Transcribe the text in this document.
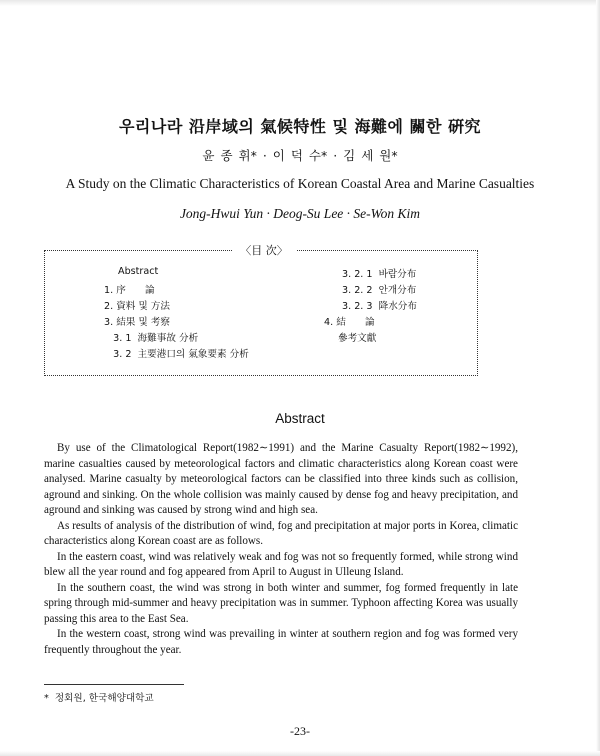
우리나라 沿岸域의 氣候特性 및 海難에 關한 硏究
윤 종 휘* · 이 덕 수* · 김 세 원*
A Study on the Climatic Characteristics of Korean Coastal Area and Marine Casualties
Jong-Hwui Yun · Deog-Su Lee · Se-Won Kim
〈目 次〉
Abstract
1. 序　　論
2. 資料 및 方法
3. 結果 및 考察
3. 1  海難事故 分析
3. 2  主要港口의 氣象要素 分析
3. 2. 1  바람分布
3. 2. 2  안개分布
3. 2. 3  降水分布
4. 結　　論
參考文獻
Abstract

By use of the Climatological Report(1982∼1991) and the Marine Casualty Report(1982∼1992), marine casualties caused by meteorological factors and climatic characteristics along Korean coast were analysed. Marine casualty by meteorological factors can be classified into three kinds such as collision, aground and sinking. On the whole collision was mainly caused by dense fog and heavy precipitation, and aground and sinking was caused by strong wind and high sea.

As results of analysis of the distribution of wind, fog and precipitation at major ports in Korea, climatic characteristics along Korean coast are as follows.

In the eastern coast, wind was relatively weak and fog was not so frequently formed, while strong wind blew all the year round and fog appeared from April to August in Ulleung Island.

In the southern coast, the wind was strong in both winter and summer, fog formed frequently in late spring through mid-summer and heavy precipitation was in summer. Typhoon affecting Korea was usually passing this area to the East Sea.

In the western coast, strong wind was prevailing in winter at southern region and fog was formed very frequently throughout the year.

*  정회원, 한국해양대학교
-23-
